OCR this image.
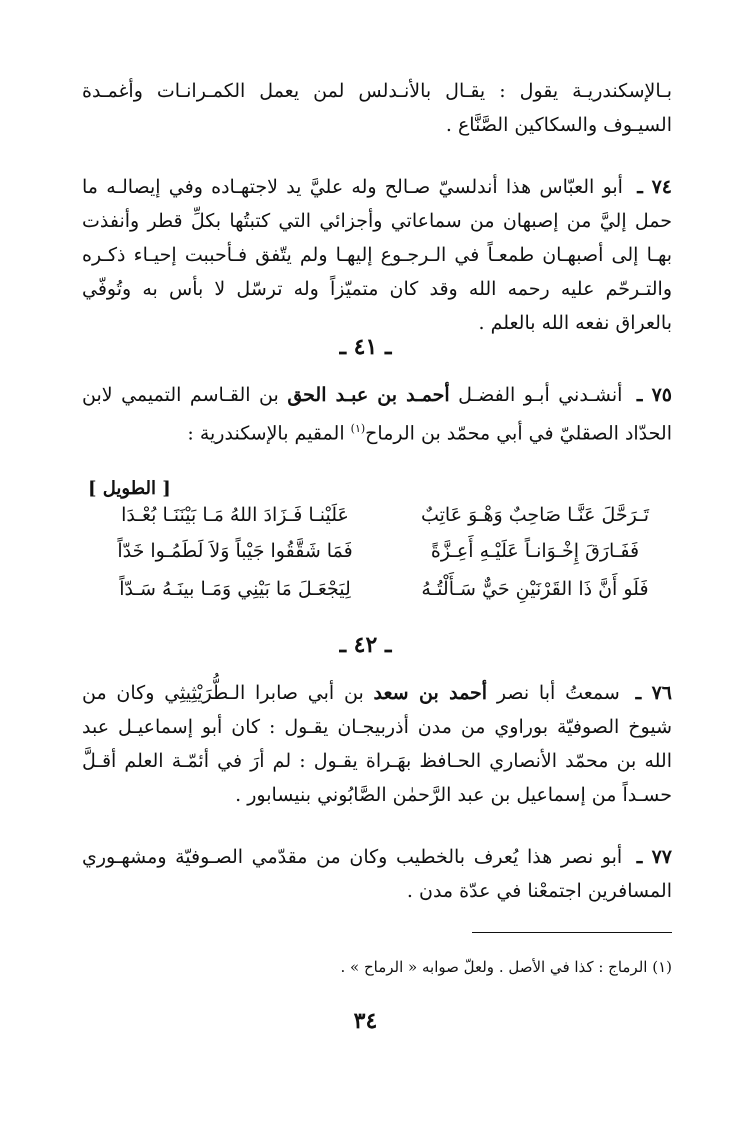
بـالإسكندريـة يقول : يقـال بالأنـدلس لمن يعمل الكمـرانـات وأغمـدة السيـوف والسكاكين الصَّنَّاع .

٧٤ ـ أبو العبّاس هذا أندلسيّ صـالح وله عليَّ يد لاجتهـاده وفي إيصالـه ما حمل إليَّ من إصبهان من سماعاتي وأجزائي التي كتبتُها بكلِّ قطر وأنفذت بهـا إلى أصبهـان طمعـاً في الـرجـوع إليهـا ولم يتّفق فـأحببت إحيـاء ذكـره والتـرحّم عليه رحمه الله وقد كان متميّزاً وله ترسّل لا بأس به وتُوفّي بالعراق نفعه الله بالعلم .

ـ ٤١ ـ

٧٥ ـ أنشـدني أبـو الفضـل أحمـد بن عبـد الحق بن القـاسم التميمي لابن الحدّاد الصقليّ في أبي محمّد بن الرماح$^{(١)}$ المقيم بالإسكندرية :

[ الطويل ]
تَـرَحَّلَ عَنَّـا صَاحِبٌ وَهْـوَ عَاتِبٌ
عَلَيْنـا فَـزَادَ اللهُ مَـا بَيْنَنَـا بُعْـدَا
فَفَـارَقَ إِخْـوَانـاً عَلَيْـهِ أَعِـزَّةً
فَمَا شَقَّقُوا جَيْباً وَلاَ لَطَمُـوا خَدّاً
فَلَو أَنَّ ذَا القَرْنَيْنِ حَيٌّ سَـأَلْتُـهُ
لِيَجْعَـلَ مَا بَيْنِي وَمَـا بينَـهُ سَـدّاً
ـ ٤٢ ـ

٧٦ ـ سمعتُ أبا نصر أحمد بن سعد بن أبي صابرا الـطُّرَيْثِيثِي وكان من شيوخ الصوفيّة بوراوي من مدن أذربيجـان يقـول : كان أبو إسماعيـل عبد الله بن محمّد الأنصاري الحـافظ بهَـراة يقـول : لم أرَ في أئمّـة العلم أقـلَّ حسـداً من إسماعيل بن عبد الرَّحمٰن الصَّابُوني بنيسابور .

٧٧ ـ أبو نصر هذا يُعرف بالخطيب وكان من مقدّمي الصـوفيّة ومشهـوري المسافرين اجتمعْنا في عدّة مدن .

(١) الرماج : كذا في الأصل . ولعلّ صوابه « الرماح » .
٣٤
